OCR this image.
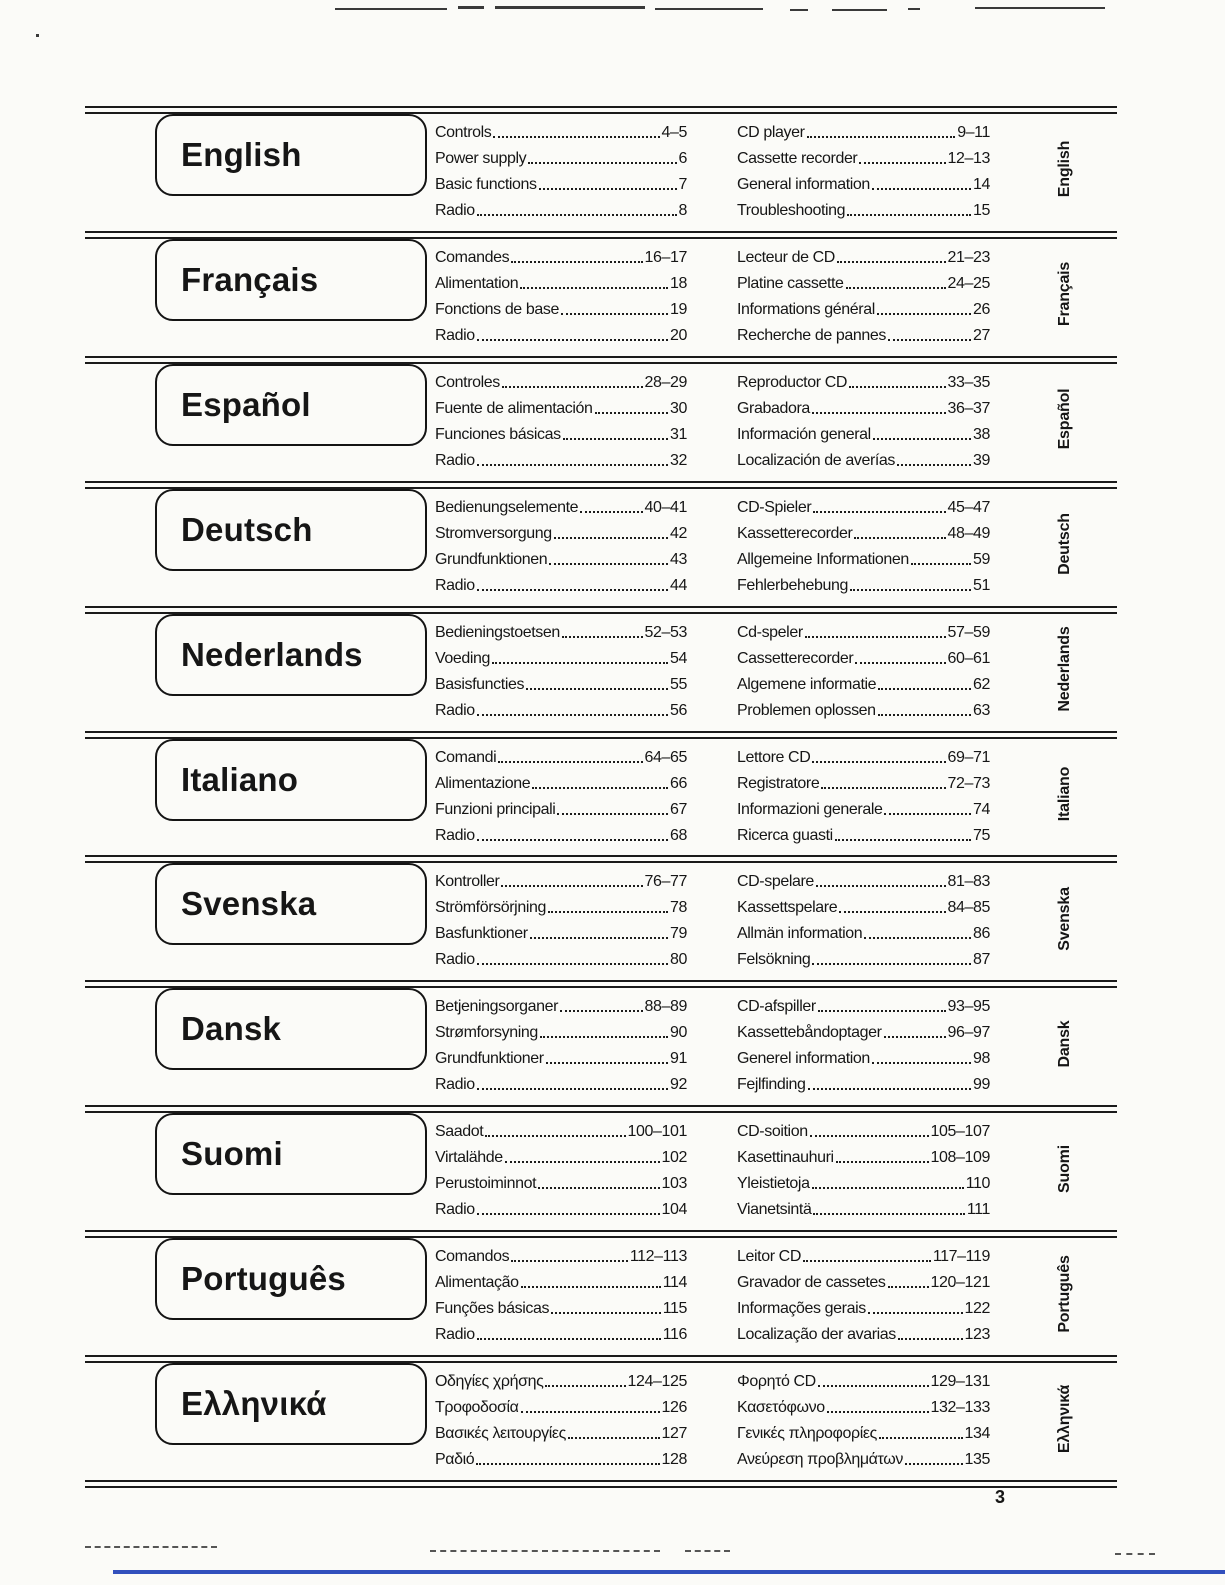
English
Controls	4–5
Power supply	6
Basic functions	7
Radio	8
CD player	9–11
Cassette recorder	12–13
General information	14
Troubleshooting	15
English
Français
Comandes	16–17
Alimentation	18
Fonctions de base	19
Radio	20
Lecteur de CD	21–23
Platine cassette	24–25
Informations général	26
Recherche de pannes	27
Français
Español
Controles	28–29
Fuente de alimentación	30
Funciones básicas	31
Radio	32
Reproductor CD	33–35
Grabadora	36–37
Información general	38
Localización de averías	39
Español
Deutsch
Bedienungselemente	40–41
Stromversorgung	42
Grundfunktionen	43
Radio	44
CD-Spieler	45–47
Kassetterecorder	48–49
Allgemeine Informationen	59
Fehlerbehebung	51
Deutsch
Nederlands
Bedieningstoetsen	52–53
Voeding	54
Basisfuncties	55
Radio	56
Cd-speler	57–59
Cassetterecorder	60–61
Algemene informatie	62
Problemen oplossen	63	Nederlands
Italiano
Comandi	64–65
Alimentazione	66
Funzioni principali	67
Radio	68
Lettore CD	69–71
Registratore	72–73
Informazioni generale	74
Ricerca guasti	75
Italiano
Svenska
Kontroller	76–77
Strömförsörjning	78
Basfunktioner	79
Radio	80
CD-spelare	81–83
Kassettspelare	84–85
Allmän information	86
Felsökning	87
Svenska
Dansk
Betjeningsorganer	88–89
Strømforsyning	90
Grundfunktioner	91
Radio	92
CD-afspiller	93–95
Kassettebåndoptager	96–97
Generel information	98
Fejlfinding	99
Dansk
Suomi
Saadot	100–101
Virtalähde	102
Perustoiminnot	103
Radio	104
CD-soition	105–107
Kasettinauhuri	108–109
Yleistietoja	110
Vianetsintä	111
Suomi
Português
Comandos	112–113
Alimentação	114
Funções básicas	115
Radio	116
Leitor CD	117–119
Gravador de cassetes	120–121
Informações gerais	122
Localização der avarias	123
Português
Ελληνικά
Οδηγίες χρήσης	124–125
Τροφοδοσία	126
Βασικές λειτουργίες	127
Ραδιό	128
Φορητό CD	129–131
Κασετόφωνο	132–133
Γενικές πληροφορίες	134
Ανεύρεση προβλημάτων	135
Ελληνικά
3
